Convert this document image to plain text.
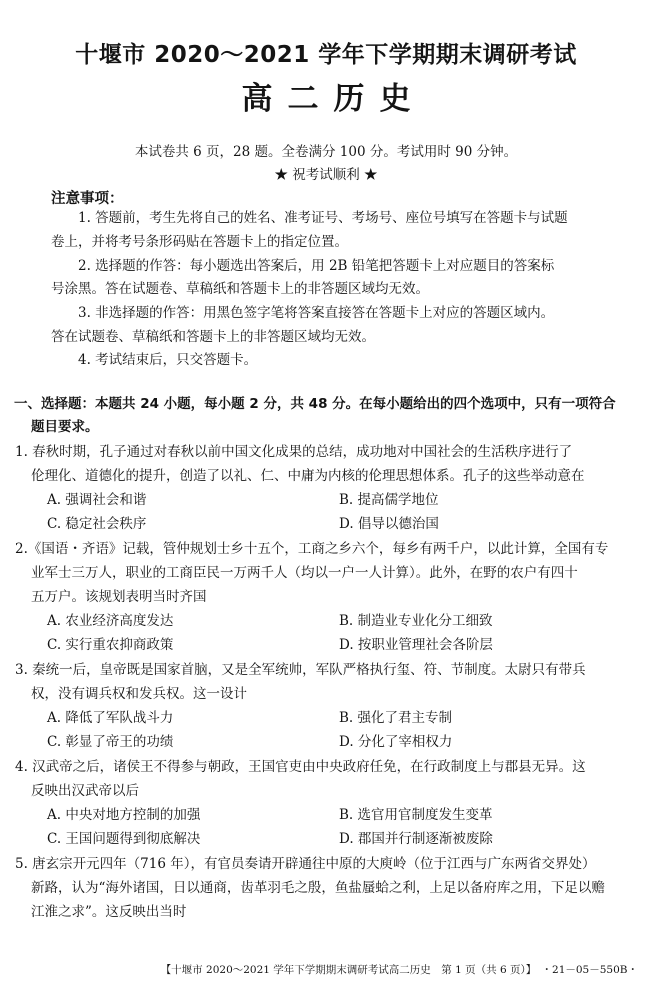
十堰市 2020～2021 学年下学期期末调研考试
高二历史
本试卷共 6 页，28 题。全卷满分 100 分。考试用时 90 分钟。
★ 祝考试顺利 ★
注意事项：
1. 答题前，考生先将自己的姓名、准考证号、考场号、座位号填写在答题卡与试题
卷上，并将考号条形码贴在答题卡上的指定位置。
2. 选择题的作答：每小题选出答案后，用 2B 铅笔把答题卡上对应题目的答案标
号涂黑。答在试题卷、草稿纸和答题卡上的非答题区域均无效。
3. 非选择题的作答：用黑色签字笔将答案直接答在答题卡上对应的答题区域内。
答在试题卷、草稿纸和答题卡上的非答题区域均无效。
4. 考试结束后，只交答题卡。
一、选择题：本题共 24 小题，每小题 2 分，共 48 分。在每小题给出的四个选项中，只有一项符合
题目要求。
1. 春秋时期，孔子通过对春秋以前中国文化成果的总结，成功地对中国社会的生活秩序进行了
伦理化、道德化的提升，创造了以礼、仁、中庸为内核的伦理思想体系。孔子的这些举动意在
A. 强调社会和谐	B. 提高儒学地位
C. 稳定社会秩序	D. 倡导以德治国
2.《国语・齐语》记载，管仲规划士乡十五个，工商之乡六个，每乡有两千户，以此计算，全国有专
业军士三万人，职业的工商臣民一万两千人（均以一户一人计算）。此外，在野的农户有四十
五万户。该规划表明当时齐国
A. 农业经济高度发达	B. 制造业专业化分工细致
C. 实行重农抑商政策	D. 按职业管理社会各阶层
3. 秦统一后，皇帝既是国家首脑，又是全军统帅，军队严格执行玺、符、节制度。太尉只有带兵
权，没有调兵权和发兵权。这一设计
A. 降低了军队战斗力	B. 强化了君主专制
C. 彰显了帝王的功绩	D. 分化了宰相权力
4. 汉武帝之后，诸侯王不得参与朝政，王国官吏由中央政府任免，在行政制度上与郡县无异。这
反映出汉武帝以后
A. 中央对地方控制的加强	B. 选官用官制度发生变革
C. 王国问题得到彻底解决	D. 郡国并行制逐渐被废除
5. 唐玄宗开元四年（716 年），有官员奏请开辟通往中原的大庾岭（位于江西与广东两省交界处）
新路，认为“海外诸国，日以通商，齿革羽毛之殷，鱼盐蜃蛤之利，上足以备府库之用，下足以赡
江淮之求”。这反映出当时
【十堰市 2020～2021 学年下学期期末调研考试高二历史　第 1 页（共 6 页）】　・21－05－550B・
